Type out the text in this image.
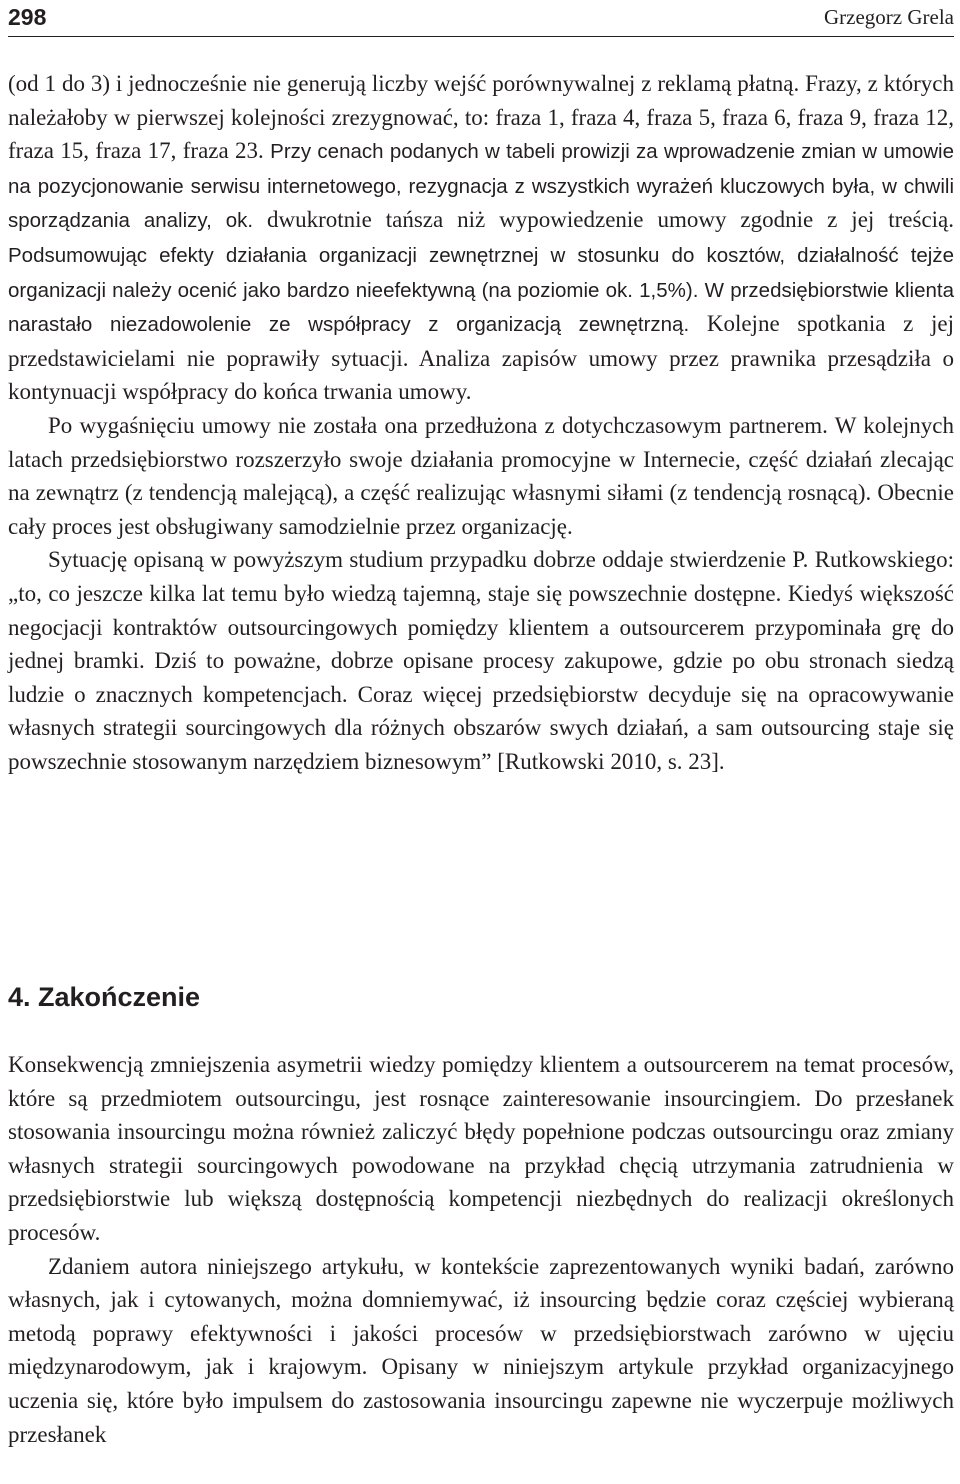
298	Grzegorz Grela

(od 1 do 3) i jednocześnie nie generują liczby wejść porównywalnej z reklamą płatną. Frazy, z których należałoby w pierwszej kolejności zrezygnować, to: fraza 1, fraza 4, fraza 5, fraza 6, fraza 9, fraza 12, fraza 15, fraza 17, fraza 23. Przy cenach podanych w tabeli prowizji za wprowadzenie zmian w umowie na pozycjonowanie serwisu internetowego, rezygnacja z wszystkich wyrażeń kluczowych była, w chwili sporządzania analizy, ok. dwukrotnie tańsza niż wypowiedzenie umowy zgodnie z jej treścią. Podsumowując efekty działania organizacji zewnętrznej w stosunku do kosztów, działalność tejże organizacji należy ocenić jako bardzo nieefektywną (na poziomie ok. 1,5%). W przedsiębiorstwie klienta narastało niezadowolenie ze współpracy z organizacją zewnętrzną. Kolejne spotkania z jej przedstawicielami nie poprawiły sytuacji. Analiza zapisów umowy przez prawnika przesądziła o kontynuacji współpracy do końca trwania umowy.

Po wygaśnięciu umowy nie została ona przedłużona z dotychczasowym partnerem. W kolejnych latach przedsiębiorstwo rozszerzyło swoje działania promocyjne w Internecie, część działań zlecając na zewnątrz (z tendencją malejącą), a część realizując własnymi siłami (z tendencją rosnącą). Obecnie cały proces jest obsługiwany samodzielnie przez organizację.

Sytuację opisaną w powyższym studium przypadku dobrze oddaje stwierdzenie P. Rutkowskiego: „to, co jeszcze kilka lat temu było wiedzą tajemną, staje się powszechnie dostępne. Kiedyś większość negocjacji kontraktów outsourcingowych pomiędzy klientem a outsourcerem przypominała grę do jednej bramki. Dziś to poważne, dobrze opisane procesy zakupowe, gdzie po obu stronach siedzą ludzie o znacznych kompetencjach. Coraz więcej przedsiębiorstw decyduje się na opracowywanie własnych strategii sourcingowych dla różnych obszarów swych działań, a sam outsourcing staje się powszechnie stosowanym narzędziem biznesowym” [Rutkowski 2010, s. 23].

4. Zakończenie

Konsekwencją zmniejszenia asymetrii wiedzy pomiędzy klientem a outsourcerem na temat procesów, które są przedmiotem outsourcingu, jest rosnące zainteresowanie insourcingiem. Do przesłanek stosowania insourcingu można również zaliczyć błędy popełnione podczas outsourcingu oraz zmiany własnych strategii sourcingowych powodowane na przykład chęcią utrzymania zatrudnienia w przedsiębiorstwie lub większą dostępnością kompetencji niezbędnych do realizacji określonych procesów.

Zdaniem autora niniejszego artykułu, w kontekście zaprezentowanych wyniki badań, zarówno własnych, jak i cytowanych, można domniemywać, iż insourcing będzie coraz częściej wybieraną metodą poprawy efektywności i jakości procesów w przedsiębiorstwach zarówno w ujęciu międzynarodowym, jak i krajowym. Opisany w niniejszym artykule przykład organizacyjnego uczenia się, które było impulsem do zastosowania insourcingu zapewne nie wyczerpuje możliwych przesłanek
